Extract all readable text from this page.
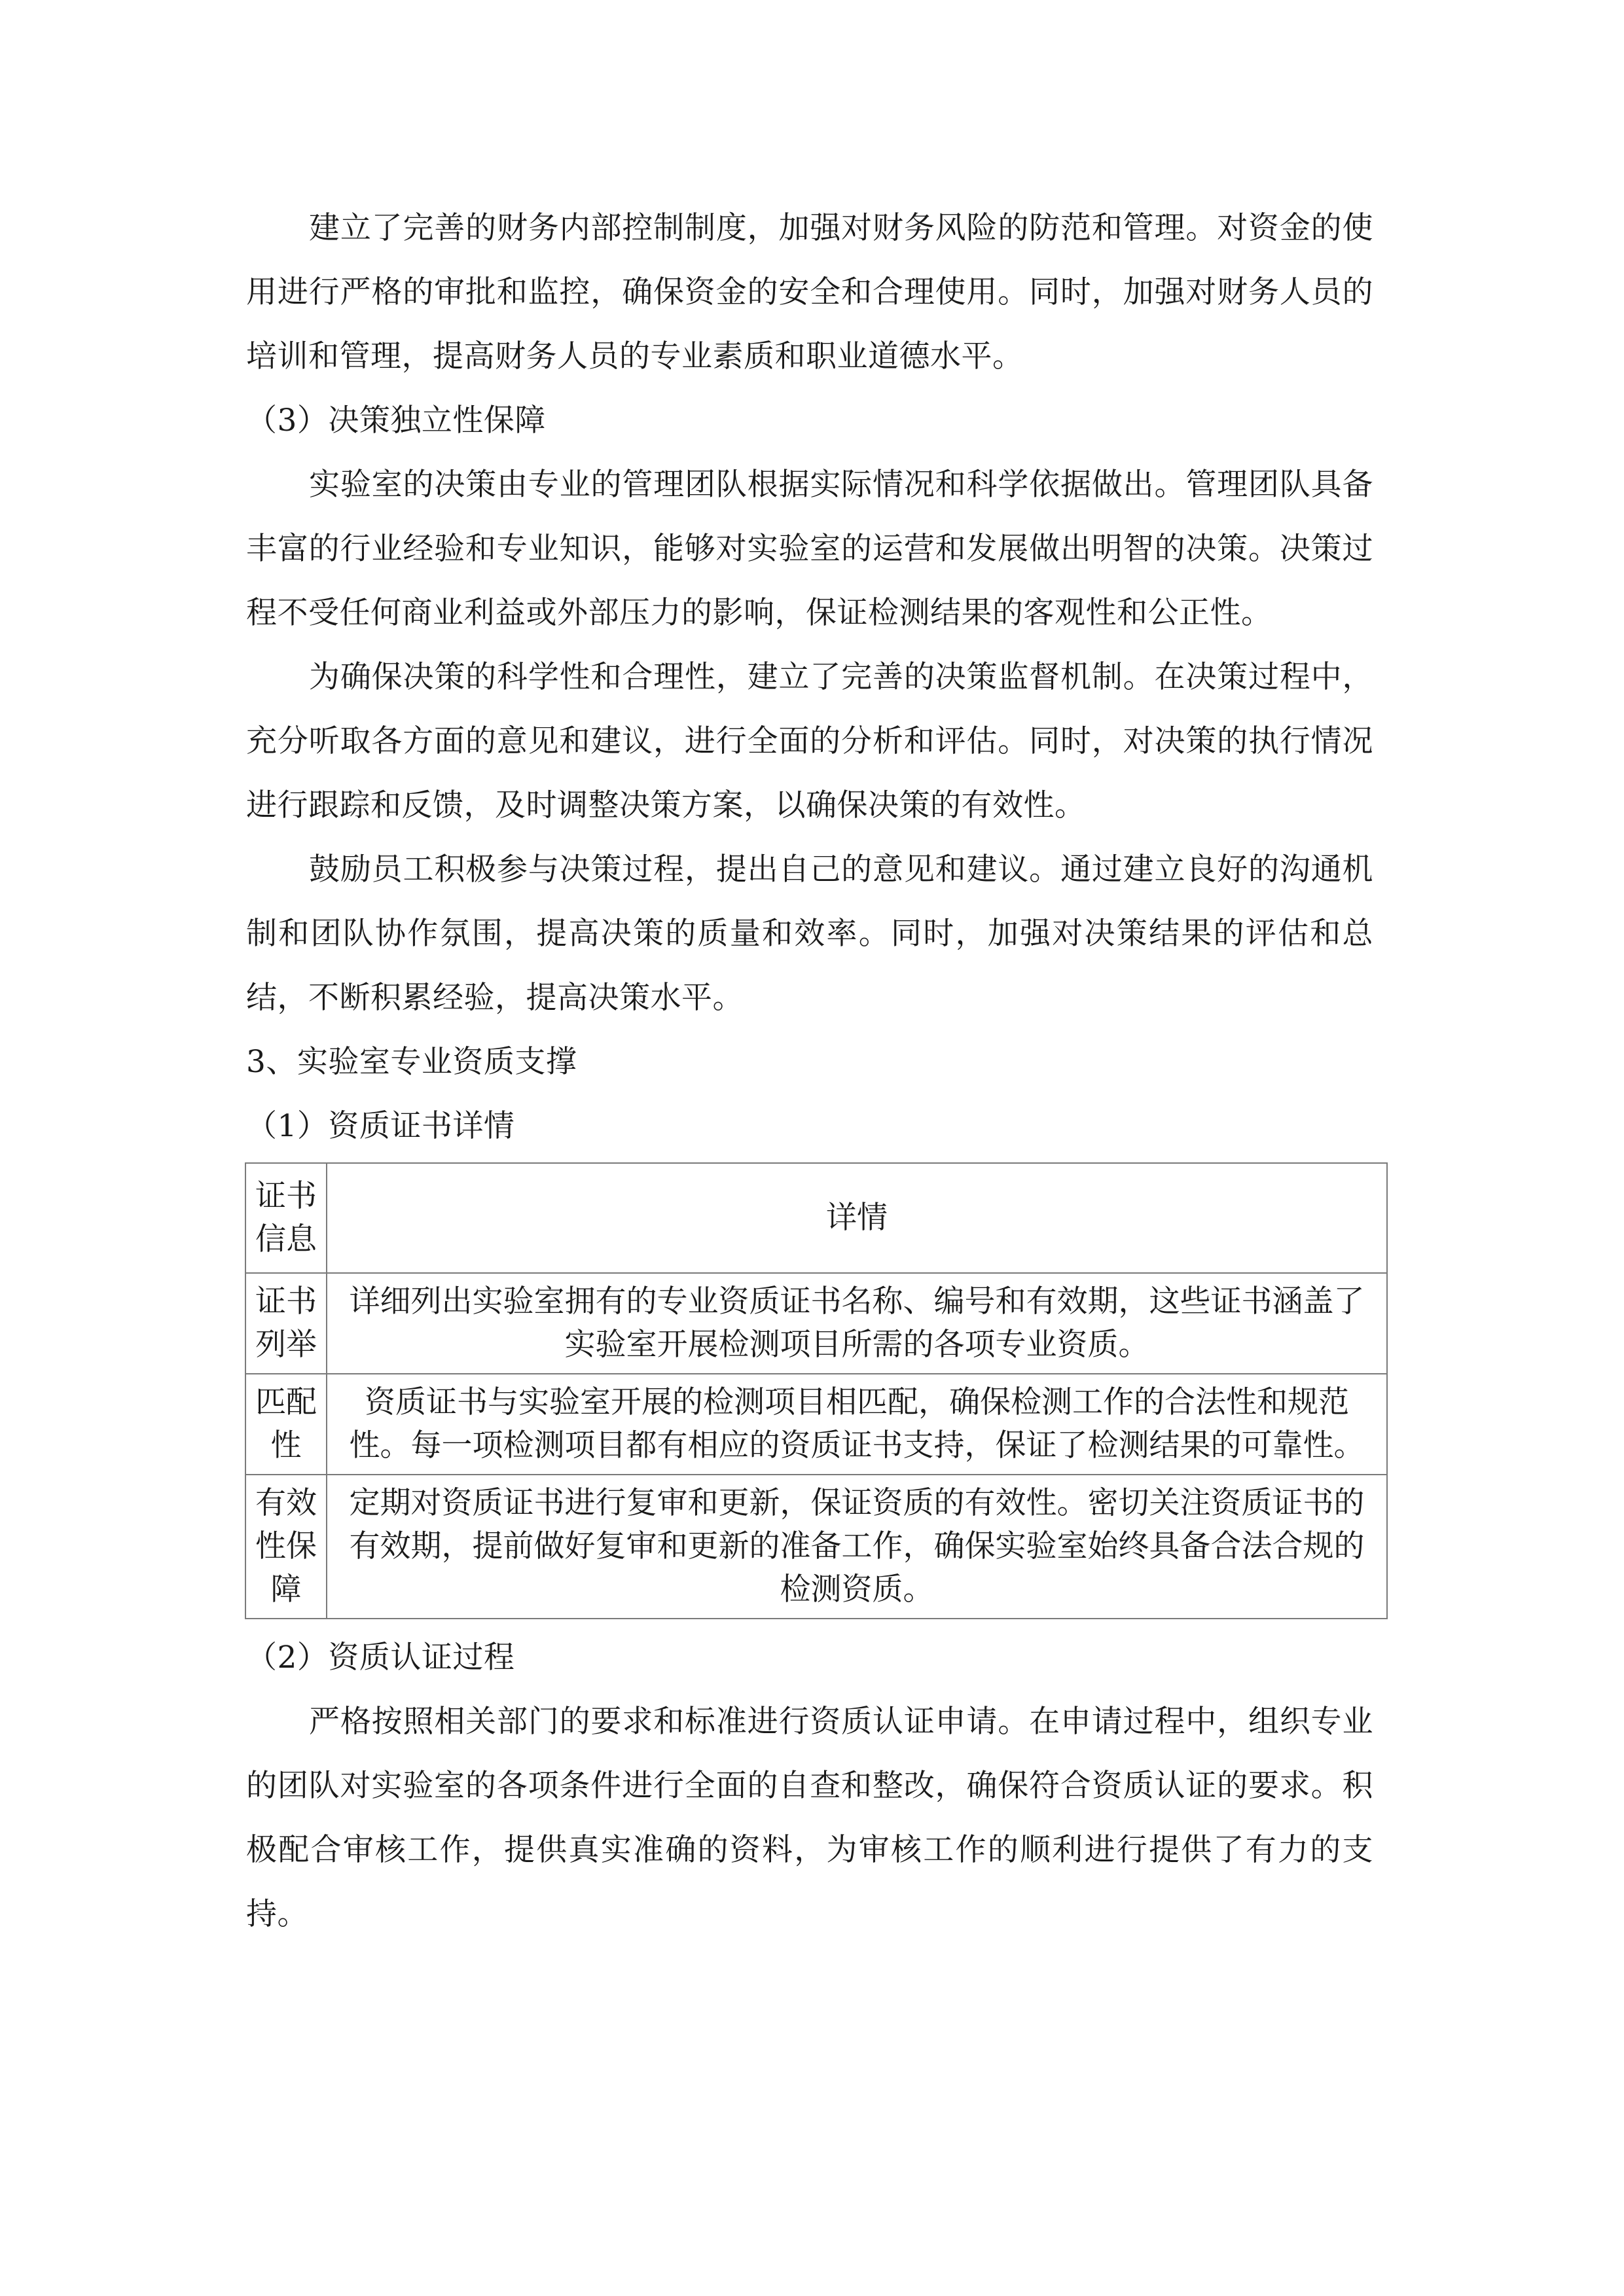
建立了完善的财务内部控制制度，加强对财务风险的防范和管理。对资金的使用进行严格的审批和监控，确保资金的安全和合理使用。同时，加强对财务人员的培训和管理，提高财务人员的专业素质和职业道德水平。

（3）决策独立性保障

实验室的决策由专业的管理团队根据实际情况和科学依据做出。管理团队具备丰富的行业经验和专业知识，能够对实验室的运营和发展做出明智的决策。决策过程不受任何商业利益或外部压力的影响，保证检测结果的客观性和公正性。

为确保决策的科学性和合理性，建立了完善的决策监督机制。在决策过程中，充分听取各方面的意见和建议，进行全面的分析和评估。同时，对决策的执行情况进行跟踪和反馈，及时调整决策方案，以确保决策的有效性。

鼓励员工积极参与决策过程，提出自己的意见和建议。通过建立良好的沟通机制和团队协作氛围，提高决策的质量和效率。同时，加强对决策结果的评估和总结，不断积累经验，提高决策水平。

3、实验室专业资质支撑

（1）资质证书详情

证书信息	详情
证书列举	详细列出实验室拥有的专业资质证书名称、编号和有效期，这些证书涵盖了实验室开展检测项目所需的各项专业资质。
匹配性	资质证书与实验室开展的检测项目相匹配，确保检测工作的合法性和规范性。每一项检测项目都有相应的资质证书支持，保证了检测结果的可靠性。
有效性保障	定期对资质证书进行复审和更新，保证资质的有效性。密切关注资质证书的有效期，提前做好复审和更新的准备工作，确保实验室始终具备合法合规的检测资质。

（2）资质认证过程

严格按照相关部门的要求和标准进行资质认证申请。在申请过程中，组织专业的团队对实验室的各项条件进行全面的自查和整改，确保符合资质认证的要求。积极配合审核工作，提供真实准确的资料，为审核工作的顺利进行提供了有力的支持。
